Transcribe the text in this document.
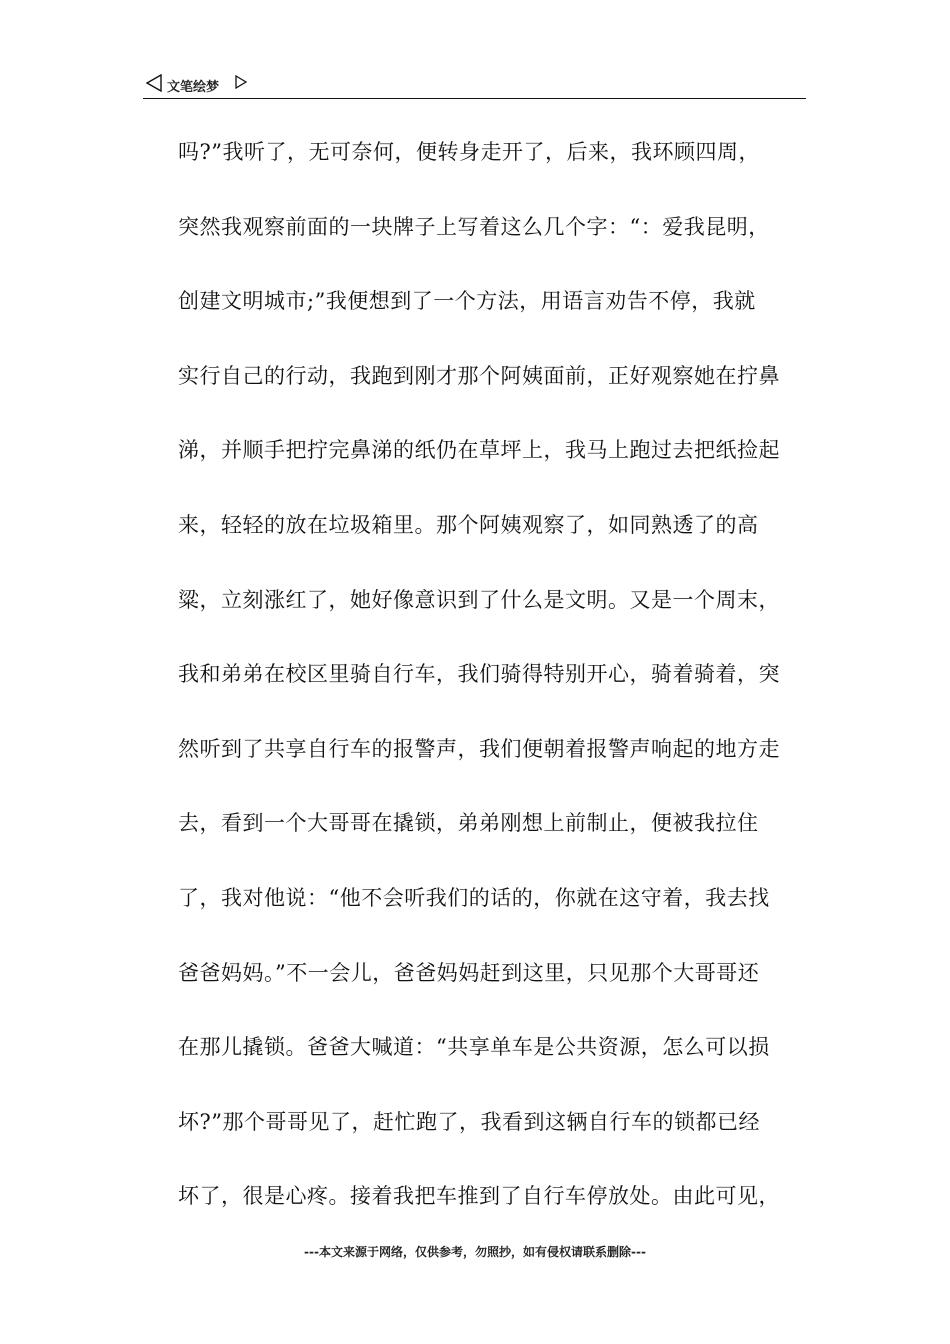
文笔绘梦
吗?”我听了，无可奈何，便转身走开了，后来，我环顾四周，
突然我观察前面的一块牌子上写着这么几个字：“：爱我昆明，
创建文明城市;”我便想到了一个方法，用语言劝告不停，我就
实行自己的行动，我跑到刚才那个阿姨面前，正好观察她在拧鼻
涕，并顺手把拧完鼻涕的纸仍在草坪上，我马上跑过去把纸捡起
来，轻轻的放在垃圾箱里。那个阿姨观察了，如同熟透了的高
粱，立刻涨红了，她好像意识到了什么是文明。又是一个周末，
我和弟弟在校区里骑自行车，我们骑得特别开心，骑着骑着，突
然听到了共享自行车的报警声，我们便朝着报警声响起的地方走
去，看到一个大哥哥在撬锁，弟弟刚想上前制止，便被我拉住
了，我对他说：“他不会听我们的话的，你就在这守着，我去找
爸爸妈妈。”不一会儿，爸爸妈妈赶到这里，只见那个大哥哥还
在那儿撬锁。爸爸大喊道：“共享单车是公共资源，怎么可以损
坏?”那个哥哥见了，赶忙跑了，我看到这辆自行车的锁都已经
坏了，很是心疼。接着我把车推到了自行车停放处。由此可见，
---本文来源于网络，仅供参考，勿照抄，如有侵权请联系删除---
